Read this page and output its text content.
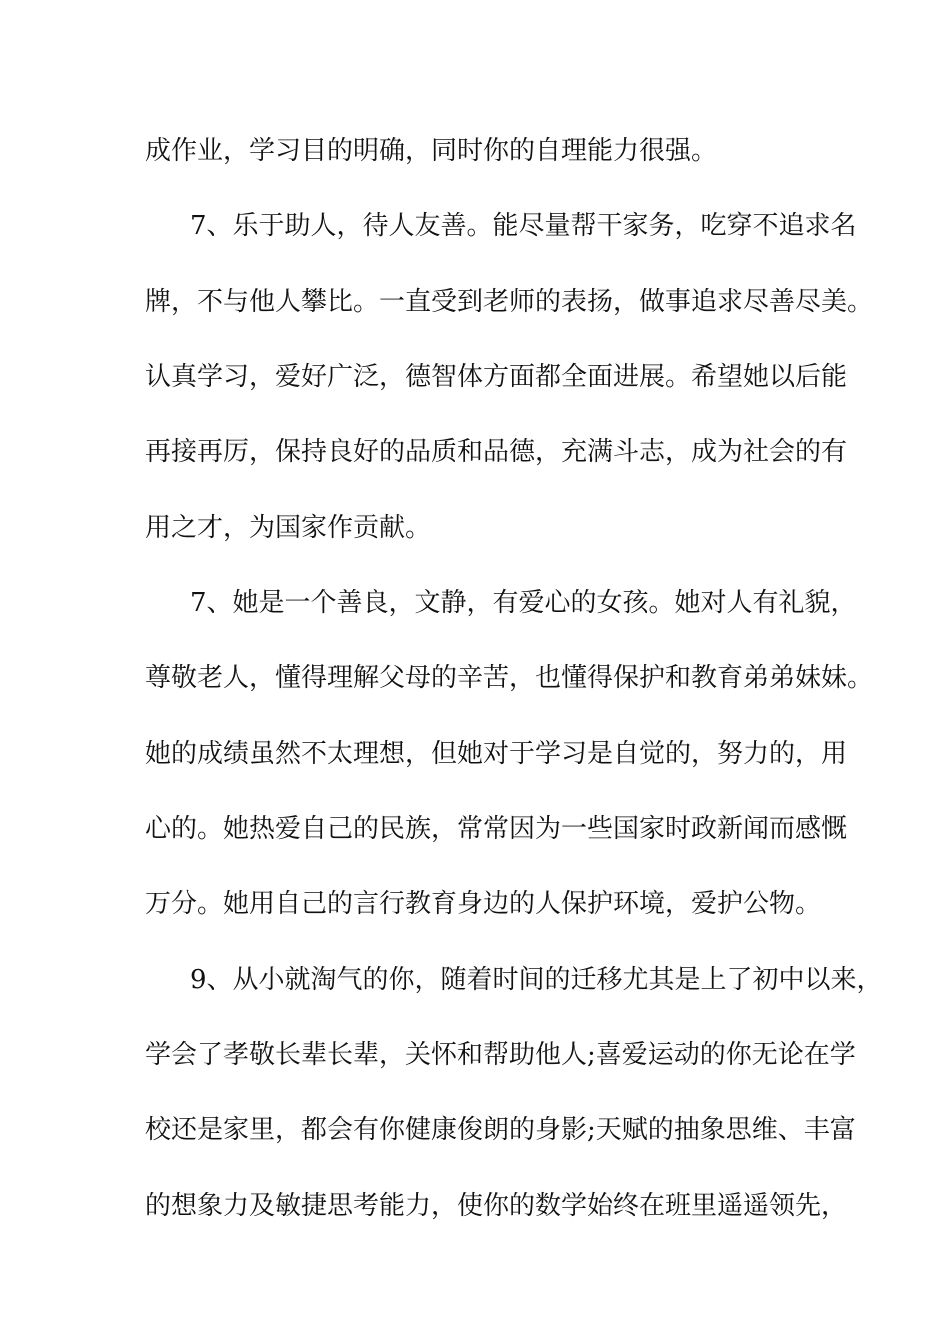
成作业，学习目的明确，同时你的自理能力很强。
7、乐于助人，待人友善。能尽量帮干家务，吃穿不追求名
牌，不与他人攀比。一直受到老师的表扬，做事追求尽善尽美。
认真学习，爱好广泛，德智体方面都全面进展。希望她以后能
再接再厉，保持良好的品质和品德，充满斗志，成为社会的有
用之才，为国家作贡献。
7、她是一个善良，文静，有爱心的女孩。她对人有礼貌，
尊敬老人，懂得理解父母的辛苦，也懂得保护和教育弟弟妹妹。
她的成绩虽然不太理想，但她对于学习是自觉的，努力的，用
心的。她热爱自己的民族，常常因为一些国家时政新闻而感慨
万分。她用自己的言行教育身边的人保护环境，爱护公物。
9、从小就淘气的你，随着时间的迁移尤其是上了初中以来，
学会了孝敬长辈长辈，关怀和帮助他人;喜爱运动的你无论在学
校还是家里，都会有你健康俊朗的身影;天赋的抽象思维、丰富
的想象力及敏捷思考能力，使你的数学始终在班里遥遥领先，
